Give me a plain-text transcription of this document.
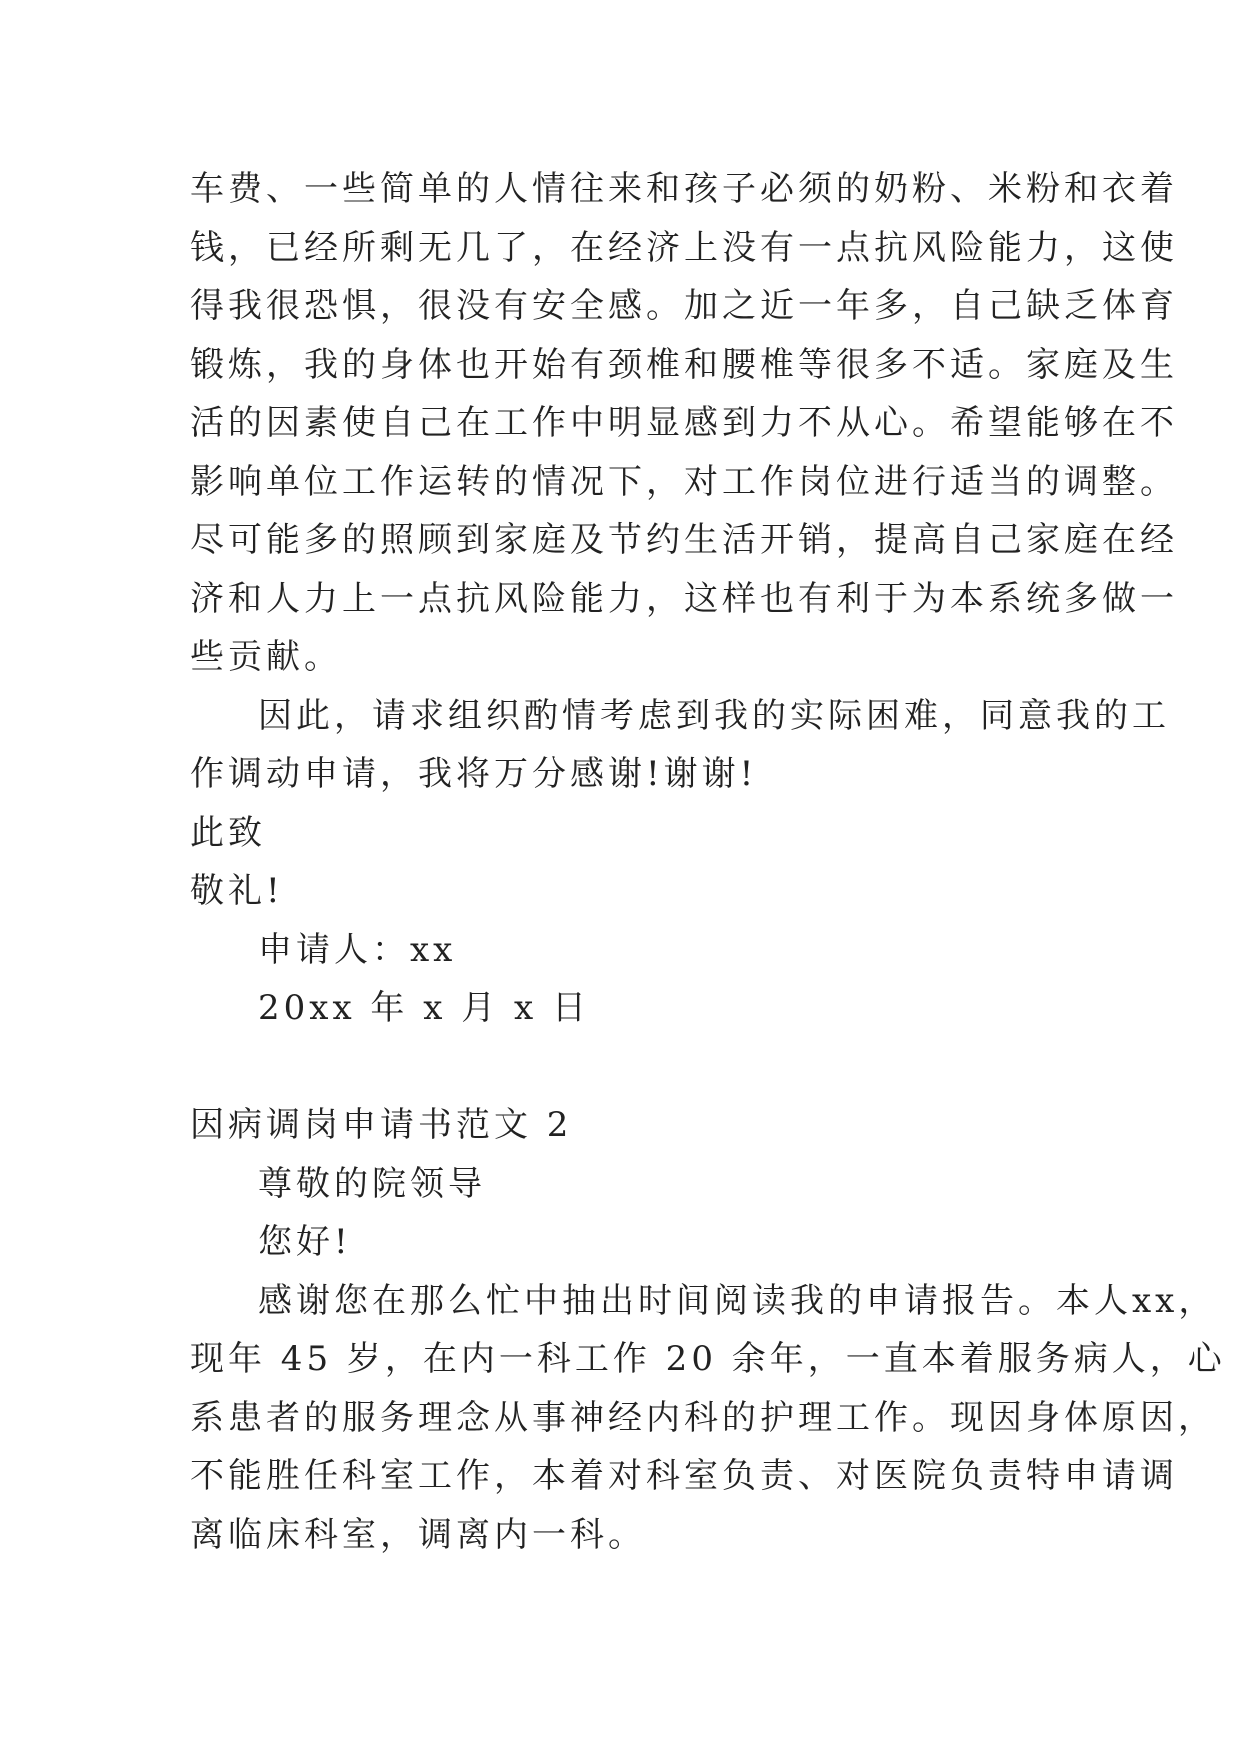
车费、一些简单的人情往来和孩子必须的奶粉、米粉和衣着
钱，已经所剩无几了，在经济上没有一点抗风险能力，这使
得我很恐惧，很没有安全感。加之近一年多，自己缺乏体育
锻炼，我的身体也开始有颈椎和腰椎等很多不适。家庭及生
活的因素使自己在工作中明显感到力不从心。希望能够在不
影响单位工作运转的情况下，对工作岗位进行适当的调整。
尽可能多的照顾到家庭及节约生活开销，提高自己家庭在经
济和人力上一点抗风险能力，这样也有利于为本系统多做一
些贡献。
因此，请求组织酌情考虑到我的实际困难，同意我的工
作调动申请，我将万分感谢!谢谢!
此致
敬礼!
申请人：xx
20xx 年 x 月 x 日
因病调岗申请书范文 2
尊敬的院领导
您好!
感谢您在那么忙中抽出时间阅读我的申请报告。本人xx，
现年 45 岁，在内一科工作 20 余年，一直本着服务病人，心
系患者的服务理念从事神经内科的护理工作。现因身体原因，
不能胜任科室工作，本着对科室负责、对医院负责特申请调
离临床科室，调离内一科。
